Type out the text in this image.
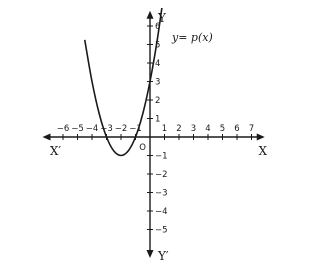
−6 −5 −4 −3 −2 −1 1 2 3 4 5 6 7
6
5
4
3
2
1
−1
−2
−3
−4
−5
X
X′
Y
Y′
O
y= p(x)
